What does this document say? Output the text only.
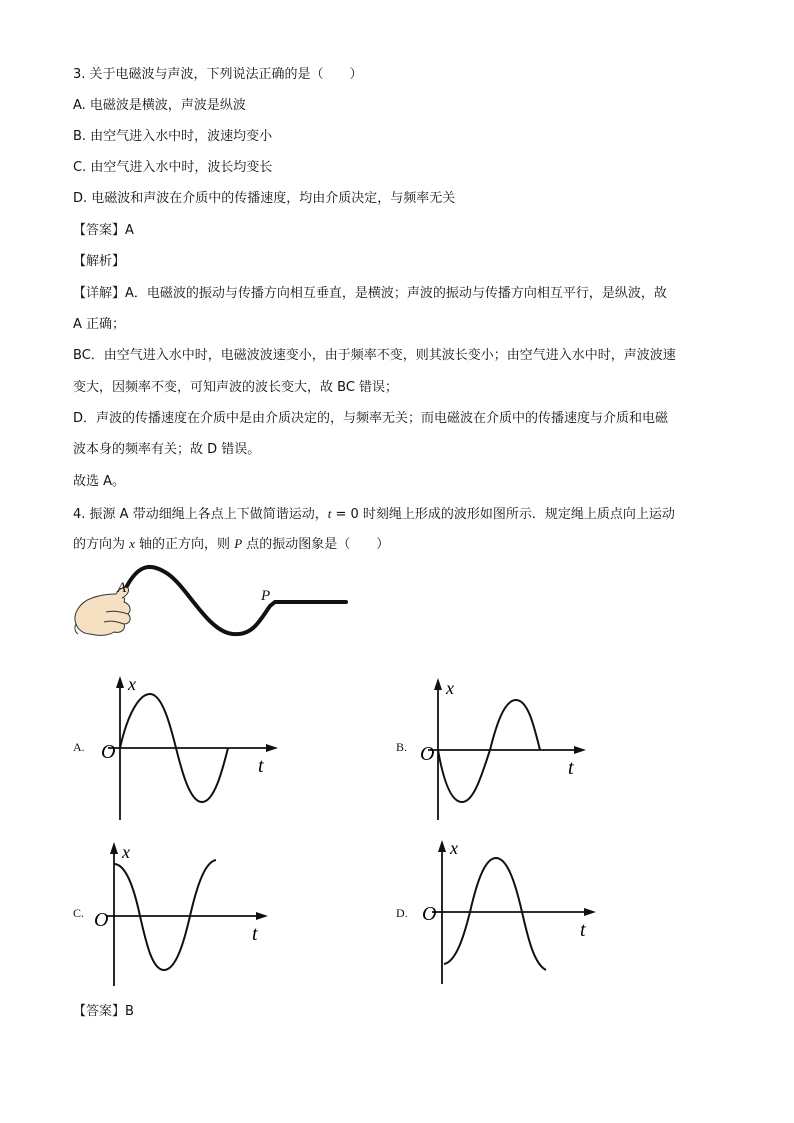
3. 关于电磁波与声波，下列说法正确的是（　　）
A. 电磁波是横波，声波是纵波
B. 由空气进入水中时，波速均变小
C. 由空气进入水中时，波长均变长
D. 电磁波和声波在介质中的传播速度，均由介质决定，与频率无关
【答案】A
【解析】
【详解】A．电磁波的振动与传播方向相互垂直，是横波；声波的振动与传播方向相互平行，是纵波，故
A 正确；
BC．由空气进入水中时，电磁波波速变小，由于频率不变，则其波长变小；由空气进入水中时，声波波速
变大，因频率不变，可知声波的波长变大，故 BC 错误；
D．声波的传播速度在介质中是由介质决定的，与频率无关；而电磁波在介质中的传播速度与介质和电磁
波本身的频率有关；故 D 错误。
故选 A。
4. 振源 A 带动细绳上各点上下做简谐运动，t = 0 时刻绳上形成的波形如图所示．规定绳上质点向上运动
的方向为 x 轴的正方向，则 P 点的振动图象是（　　）
A	P
A.
x
t
O	B.
x
t
O
C.
x
t
O	D.
x
t
O
【答案】B
